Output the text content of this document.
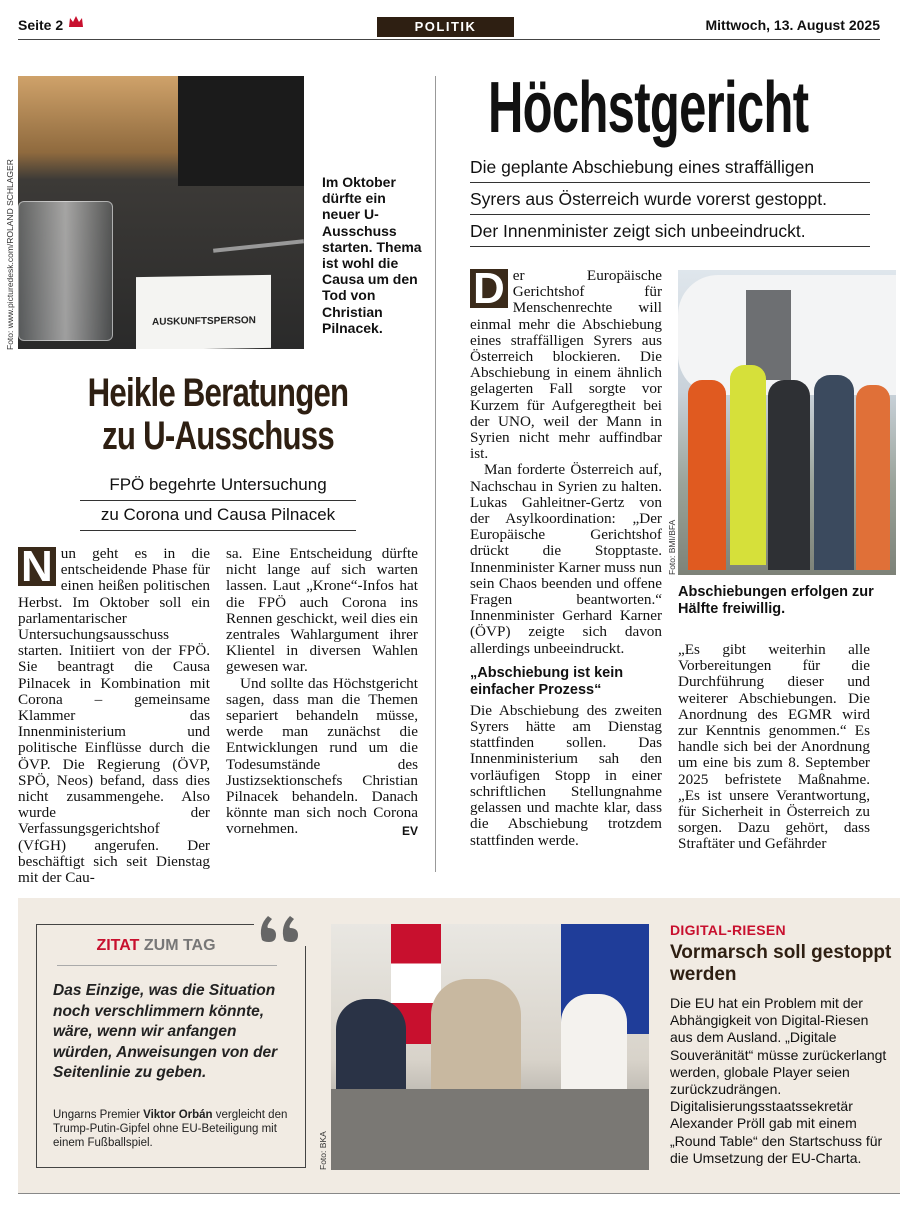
Seite 2	POLITIK	Mittwoch, 13. August 2025
AUSKUNFTSPERSON
Foto: www.picturedesk.com/ROLAND SCHLAGER	Im Oktober dürfte ein neuer U-Ausschuss starten. Thema ist wohl die Causa um den Tod von Christian Pilnacek.
Heikle Beratungen
zu U-Ausschuss
FPÖ begehrte Untersuchung
zu Corona und Causa Pilnacek
N un geht es in die entscheidende Phase für einen heißen politischen Herbst. Im Oktober soll ein parlamentarischer Untersuchungsausschuss starten. Initiiert von der FPÖ. Sie beantragt die Causa Pilnacek in Kombination mit Corona – gemeinsame Klammer das Innenministerium und politische Einflüsse durch die ÖVP. Die Regierung (ÖVP, SPÖ, Neos) befand, dass dies nicht zusammengehe. Also wurde der Verfassungsgerichtshof (VfGH) angerufen. Der beschäftigt sich seit Dienstag mit der Cau-

sa. Eine Entscheidung dürfte nicht lange auf sich warten lassen. Laut „Krone“-Infos hat die FPÖ auch Corona ins Rennen geschickt, weil dies ein zentrales Wahlargument ihrer Klientel in diversen Wahlen gewesen war.

Und sollte das Höchstgericht sagen, dass man die Themen separiert behandeln müsse, werde man zunächst die Entwicklungen rund um die Todesumstände des Justizsektionschefs Christian Pilnacek behandeln. Danach könnte man sich noch Corona vornehmen.	EV
Höchstgericht
Die geplante Abschiebung eines straffälligen
Syrers aus Österreich wurde vorerst gestoppt.
Der Innenminister zeigt sich unbeeindruckt.
D er Europäische Gerichtshof für Menschenrechte will einmal mehr die Abschiebung eines straffälligen Syrers aus Österreich blockieren. Die Abschiebung in einem ähnlich gelagerten Fall sorgte vor Kurzem für Aufgeregtheit bei der UNO, weil der Mann in Syrien nicht mehr auffindbar ist.

Man forderte Österreich auf, Nachschau in Syrien zu halten. Lukas Gahleitner-Gertz von der Asylkoordination: „Der Europäische Gerichtshof drückt die Stopptaste. Innenminister Karner muss nun sein Chaos beenden und offene Fragen beantworten.“ Innenminister Gerhard Karner (ÖVP) zeigte sich davon allerdings unbeeindruckt.

„Abschiebung ist kein einfacher Prozess“

Die Abschiebung des zweiten Syrers hätte am Dienstag stattfinden sollen. Das Innenministerium sah den vorläufigen Stopp in einer schriftlichen Stellungnahme gelassen und machte klar, dass die Abschiebung trotzdem stattfinden werde.

Foto: BMI/BFA
Abschiebungen erfolgen zur Hälfte freiwillig.

„Es gibt weiterhin alle Vorbereitungen für die Durchführung dieser und weiterer Abschiebungen. Die Anordnung des EGMR wird zur Kenntnis genommen.“ Es handle sich bei der Anordnung um eine bis zum 8. September 2025 befristete Maßnahme. „Es ist unsere Verantwortung, für Sicherheit in Österreich zu sorgen. Dazu gehört, dass Straftäter und Gefährder

ZITAT ZUM TAG
Das Einzige, was die Situation noch verschlimmern könnte, wäre, wenn wir anfangen würden, Anweisungen von der Seitenlinie zu geben.
Ungarns Premier Viktor Orbán vergleicht den Trump-Putin-Gipfel ohne EU-Beteiligung mit einem Fußballspiel.	Foto: BKA
DIGITAL-RIESEN
Vormarsch soll gestoppt werden
Die EU hat ein Problem mit der Abhängigkeit von Digital-Riesen aus dem Ausland. „Digitale Souveränität“ müsse zurückerlangt werden, globale Player seien zurückzudrängen. Digitalisierungsstaatssekretär Alexander Pröll gab mit einem „Round Table“ den Startschuss für die Umsetzung der EU-Charta.
